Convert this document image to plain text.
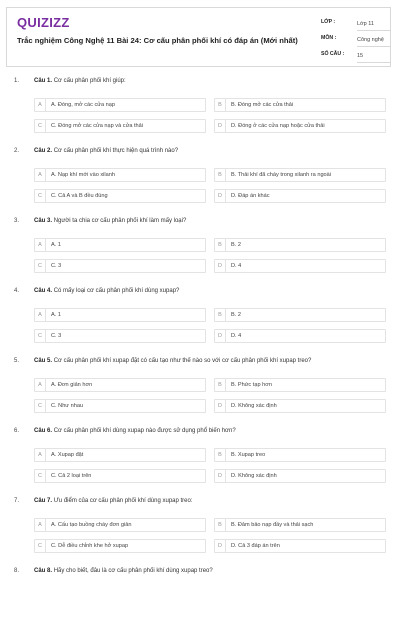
QUIZIZZ
Trắc nghiệm Công Nghệ 11 Bài 24: Cơ cấu phân phối khí có đáp án (Mới nhất)
LỚP :	Lớp 11
MÔN :	Công nghệ
SỐ CÂU : 15
1. Câu 1. Cơ cấu phân phối khí giúp:
A	A. Đóng, mở các cửa nạp	B	B. Đóng mở các cửa thải
C	C. Đóng mở các cửa nạp và cửa thải	D	D. Đóng ở các cửa nạp hoặc cửa thải
2. Câu 2. Cơ cấu phân phối khí thực hiện quá trình nào?
A	A. Nạp khí mới vào xilanh	B	B. Thải khí đã cháy trong xilanh ra ngoài
C	C. Cả A và B đều đúng	D	D. Đáp án khác
3. Câu 3. Người ta chia cơ cấu phân phối khí làm mấy loại?
A	A. 1	B	B. 2
C	C. 3	D	D. 4
4. Câu 4. Có mấy loại cơ cấu phân phối khí dùng xupap?
A	A. 1	B	B. 2
C	C. 3	D	D. 4
5. Câu 5. Cơ cấu phân phối khí xupap đặt có cấu tạo như thế nào so với cơ cấu phân phối khí xupap treo?
A	A. Đơn giản hơn	B	B. Phức tạp hơn
C	C. Như nhau	D	D. Không xác định
6. Câu 6. Cơ cấu phân phối khí dùng xupap nào được sử dụng phổ biến hơn?
A	A. Xupap đặt	B	B. Xupap treo
C	C. Cả 2 loại trên	D	D. Không xác định
7. Câu 7. Ưu điểm của cơ cấu phân phối khí dùng xupap treo:
A	A. Cấu tạo buồng cháy đơn giản	B	B. Đảm bảo nạp đầy và thải sạch
C	C. Dễ điều chỉnh khe hở xupap	D	D. Cả 3 đáp án trên
8. Câu 8. Hãy cho biết, đâu là cơ cấu phân phối khí dùng xupap treo?
